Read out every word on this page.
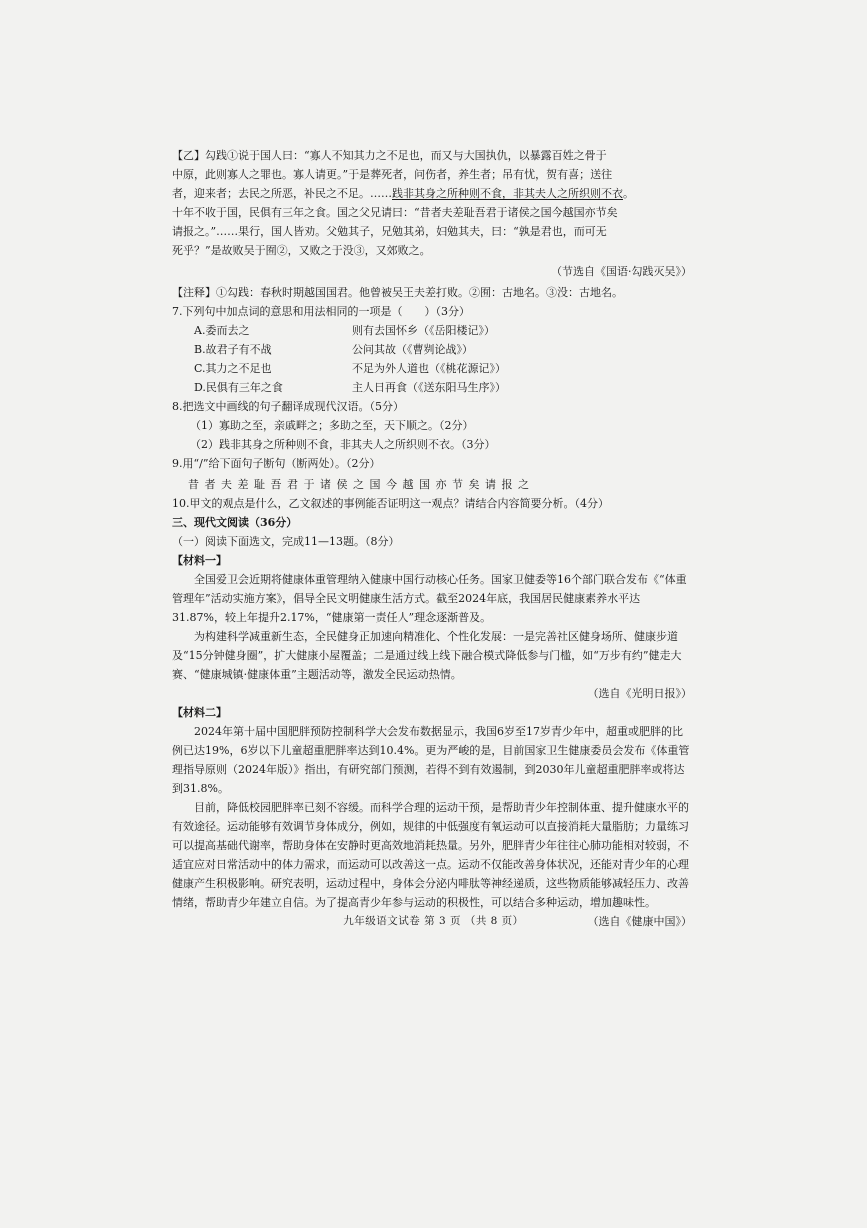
【乙】勾践①说于国人曰：“寡人不知其力之不足也，而又与大国执仇，以暴露百姓之骨于

中原，此则寡人之罪也。寡人请更。”于是葬死者，问伤者，养生者；吊有忧，贺有喜；送往

者，迎来者；去民之所恶，补民之不足。……践非其身之所种则不食，非其夫人之所织则不衣。

十年不收于国，民俱有三年之食。国之父兄请曰：“昔者夫差耻吾君于诸侯之国今越国亦节矣

请报之。”……果行，国人皆劝。父勉其子，兄勉其弟，妇勉其夫，曰：“孰是君也，而可无

死乎？”是故败吴于囿②，又败之于没③，又郊败之。

（节选自《国语·勾践灭吴》）

【注释】①勾践：春秋时期越国国君。他曾被吴王夫差打败。②囿：古地名。③没：古地名。

7.下列句中加点词的意思和用法相同的一项是（　　）（3分）

A.委而去之	则有去国怀乡（《岳阳楼记》）
B.故君子有不战	公问其故（《曹刿论战》）
C.其力之不足也	不足为外人道也（《桃花源记》）
D.民俱有三年之食	主人日再食（《送东阳马生序》）

8.把选文中画线的句子翻译成现代汉语。（5分）

（1）寡助之至，亲戚畔之；多助之至，天下顺之。（2分）

（2）践非其身之所种则不食，非其夫人之所织则不衣。（3分）

9.用“/”给下面句子断句（断两处）。（2分）

昔者夫差耻吾君于诸侯之国今越国亦节矣请报之

10.甲文的观点是什么，乙文叙述的事例能否证明这一观点？请结合内容简要分析。（4分）

三、现代文阅读（36分）

（一）阅读下面选文，完成11—13题。（8分）

【材料一】

全国爱卫会近期将健康体重管理纳入健康中国行动核心任务。国家卫健委等16个部门联合发布《“体重管理年”活动实施方案》，倡导全民文明健康生活方式。截至2024年底，我国居民健康素养水平达31.87%，较上年提升2.17%，“健康第一责任人”理念逐渐普及。

为构建科学减重新生态，全民健身正加速向精准化、个性化发展：一是完善社区健身场所、健康步道及“15分钟健身圈”，扩大健康小屋覆盖；二是通过线上线下融合模式降低参与门槛，如“万步有约”健走大赛、“健康城镇·健康体重”主题活动等，激发全民运动热情。

（选自《光明日报》）

【材料二】

2024年第十届中国肥胖预防控制科学大会发布数据显示，我国6岁至17岁青少年中，超重或肥胖的比例已达19%，6岁以下儿童超重肥胖率达到10.4%。更为严峻的是，目前国家卫生健康委员会发布《体重管理指导原则（2024年版）》指出，有研究部门预测，若得不到有效遏制，到2030年儿童超重肥胖率或将达到31.8%。

目前，降低校园肥胖率已刻不容缓。而科学合理的运动干预，是帮助青少年控制体重、提升健康水平的有效途径。运动能够有效调节身体成分，例如，规律的中低强度有氧运动可以直接消耗大量脂肪；力量练习可以提高基础代谢率，帮助身体在安静时更高效地消耗热量。另外，肥胖青少年往往心肺功能相对较弱，不适宜应对日常活动中的体力需求，而运动可以改善这一点。运动不仅能改善身体状况，还能对青少年的心理健康产生积极影响。研究表明，运动过程中，身体会分泌内啡肽等神经递质，这些物质能够减轻压力、改善情绪，帮助青少年建立自信。为了提高青少年参与运动的积极性，可以结合多种运动，增加趣味性。

（选自《健康中国》）

九年级语文试卷 第 3 页 （共 8 页）
